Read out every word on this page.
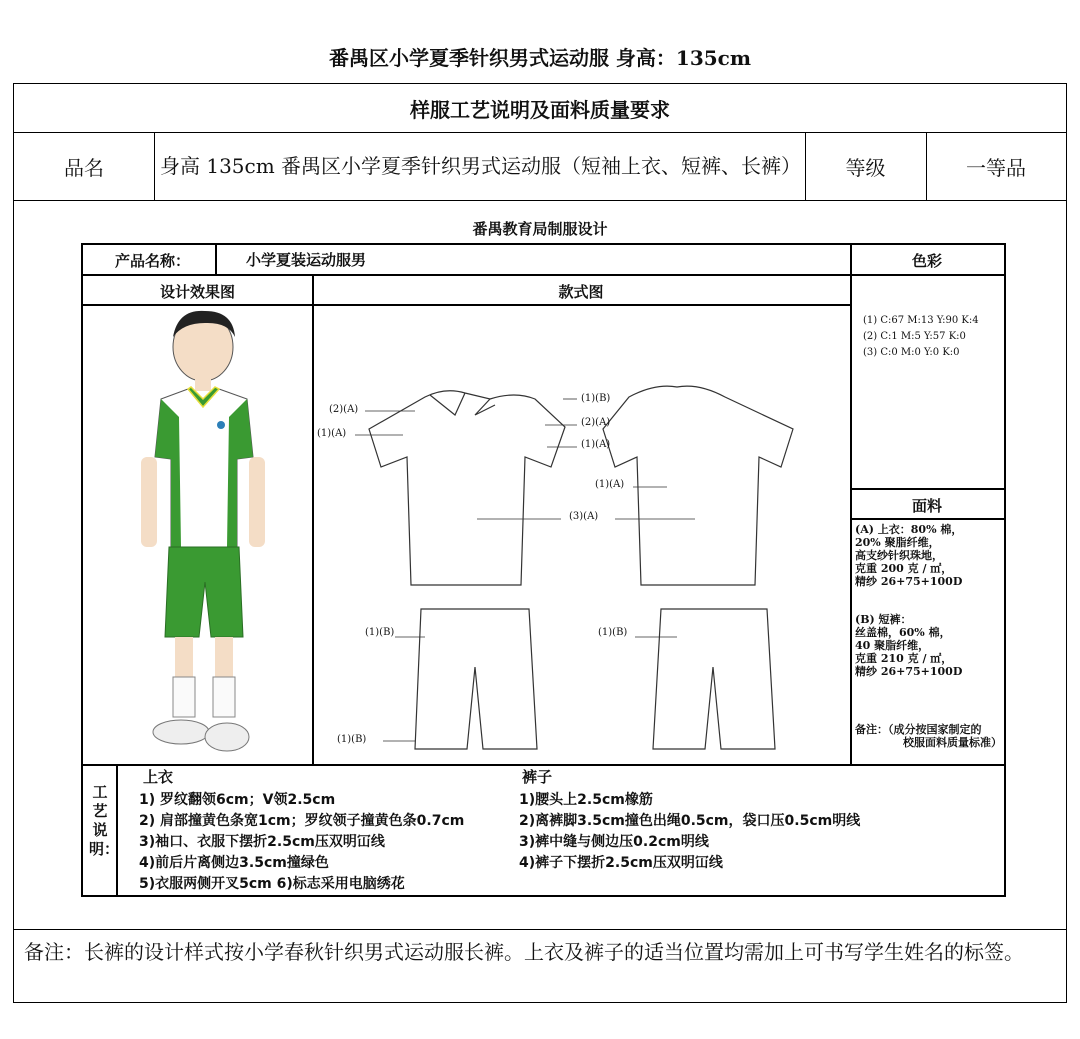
番禺区小学夏季针织男式运动服 身高：135cm
样服工艺说明及面料质量要求
品名	身高 135cm 番禺区小学夏季针织男式运动服（短袖上衣、短裤、长裤）	等级	一等品
备注：长裤的设计样式按小学春秋针织男式运动服长裤。上衣及裤子的适当位置均需加上可书写学生姓名的标签。
番禺教育局制服设计
产品名称：	小学夏装运动服男	色彩
设计效果图	款式图
(1) C:67 M:13 Y:90 K:4
(2) C:1 M:5 Y:57 K:0
(3) C:0 M:0 Y:0 K:0
面料
(A) 上衣：80% 棉，
20% 聚脂纤维，
高支纱针织珠地，
克重 200 克 / ㎡，
精纱 26+75+100D
(B) 短裤：
丝盖棉，60% 棉，
40 聚脂纤维，
克重 210 克 / ㎡，
精纱 26+75+100D
备注：（成分按国家制定的
校服面料质量标准）
(2)(A)
(1)(A)
(1)(B)
(2)(A)
(1)(A)
(1)(A)
(3)(A)
(1)(B)	(1)(B)
(1)(B)
工艺说明：
上衣
1) 罗纹翻领6cm；V领2.5cm
2) 肩部撞黄色条宽1cm；罗纹领子撞黄色条0.7cm
3)袖口、衣服下摆折2.5cm压双明冚线
4)前后片离侧边3.5cm撞绿色
5)衣服两侧开叉5cm 6)标志采用电脑绣花
裤子
1)腰头上2.5cm橡筋
2)离裤脚3.5cm撞色出绳0.5cm，袋口压0.5cm明线
3)裤中缝与侧边压0.2cm明线
4)裤子下摆折2.5cm压双明冚线
